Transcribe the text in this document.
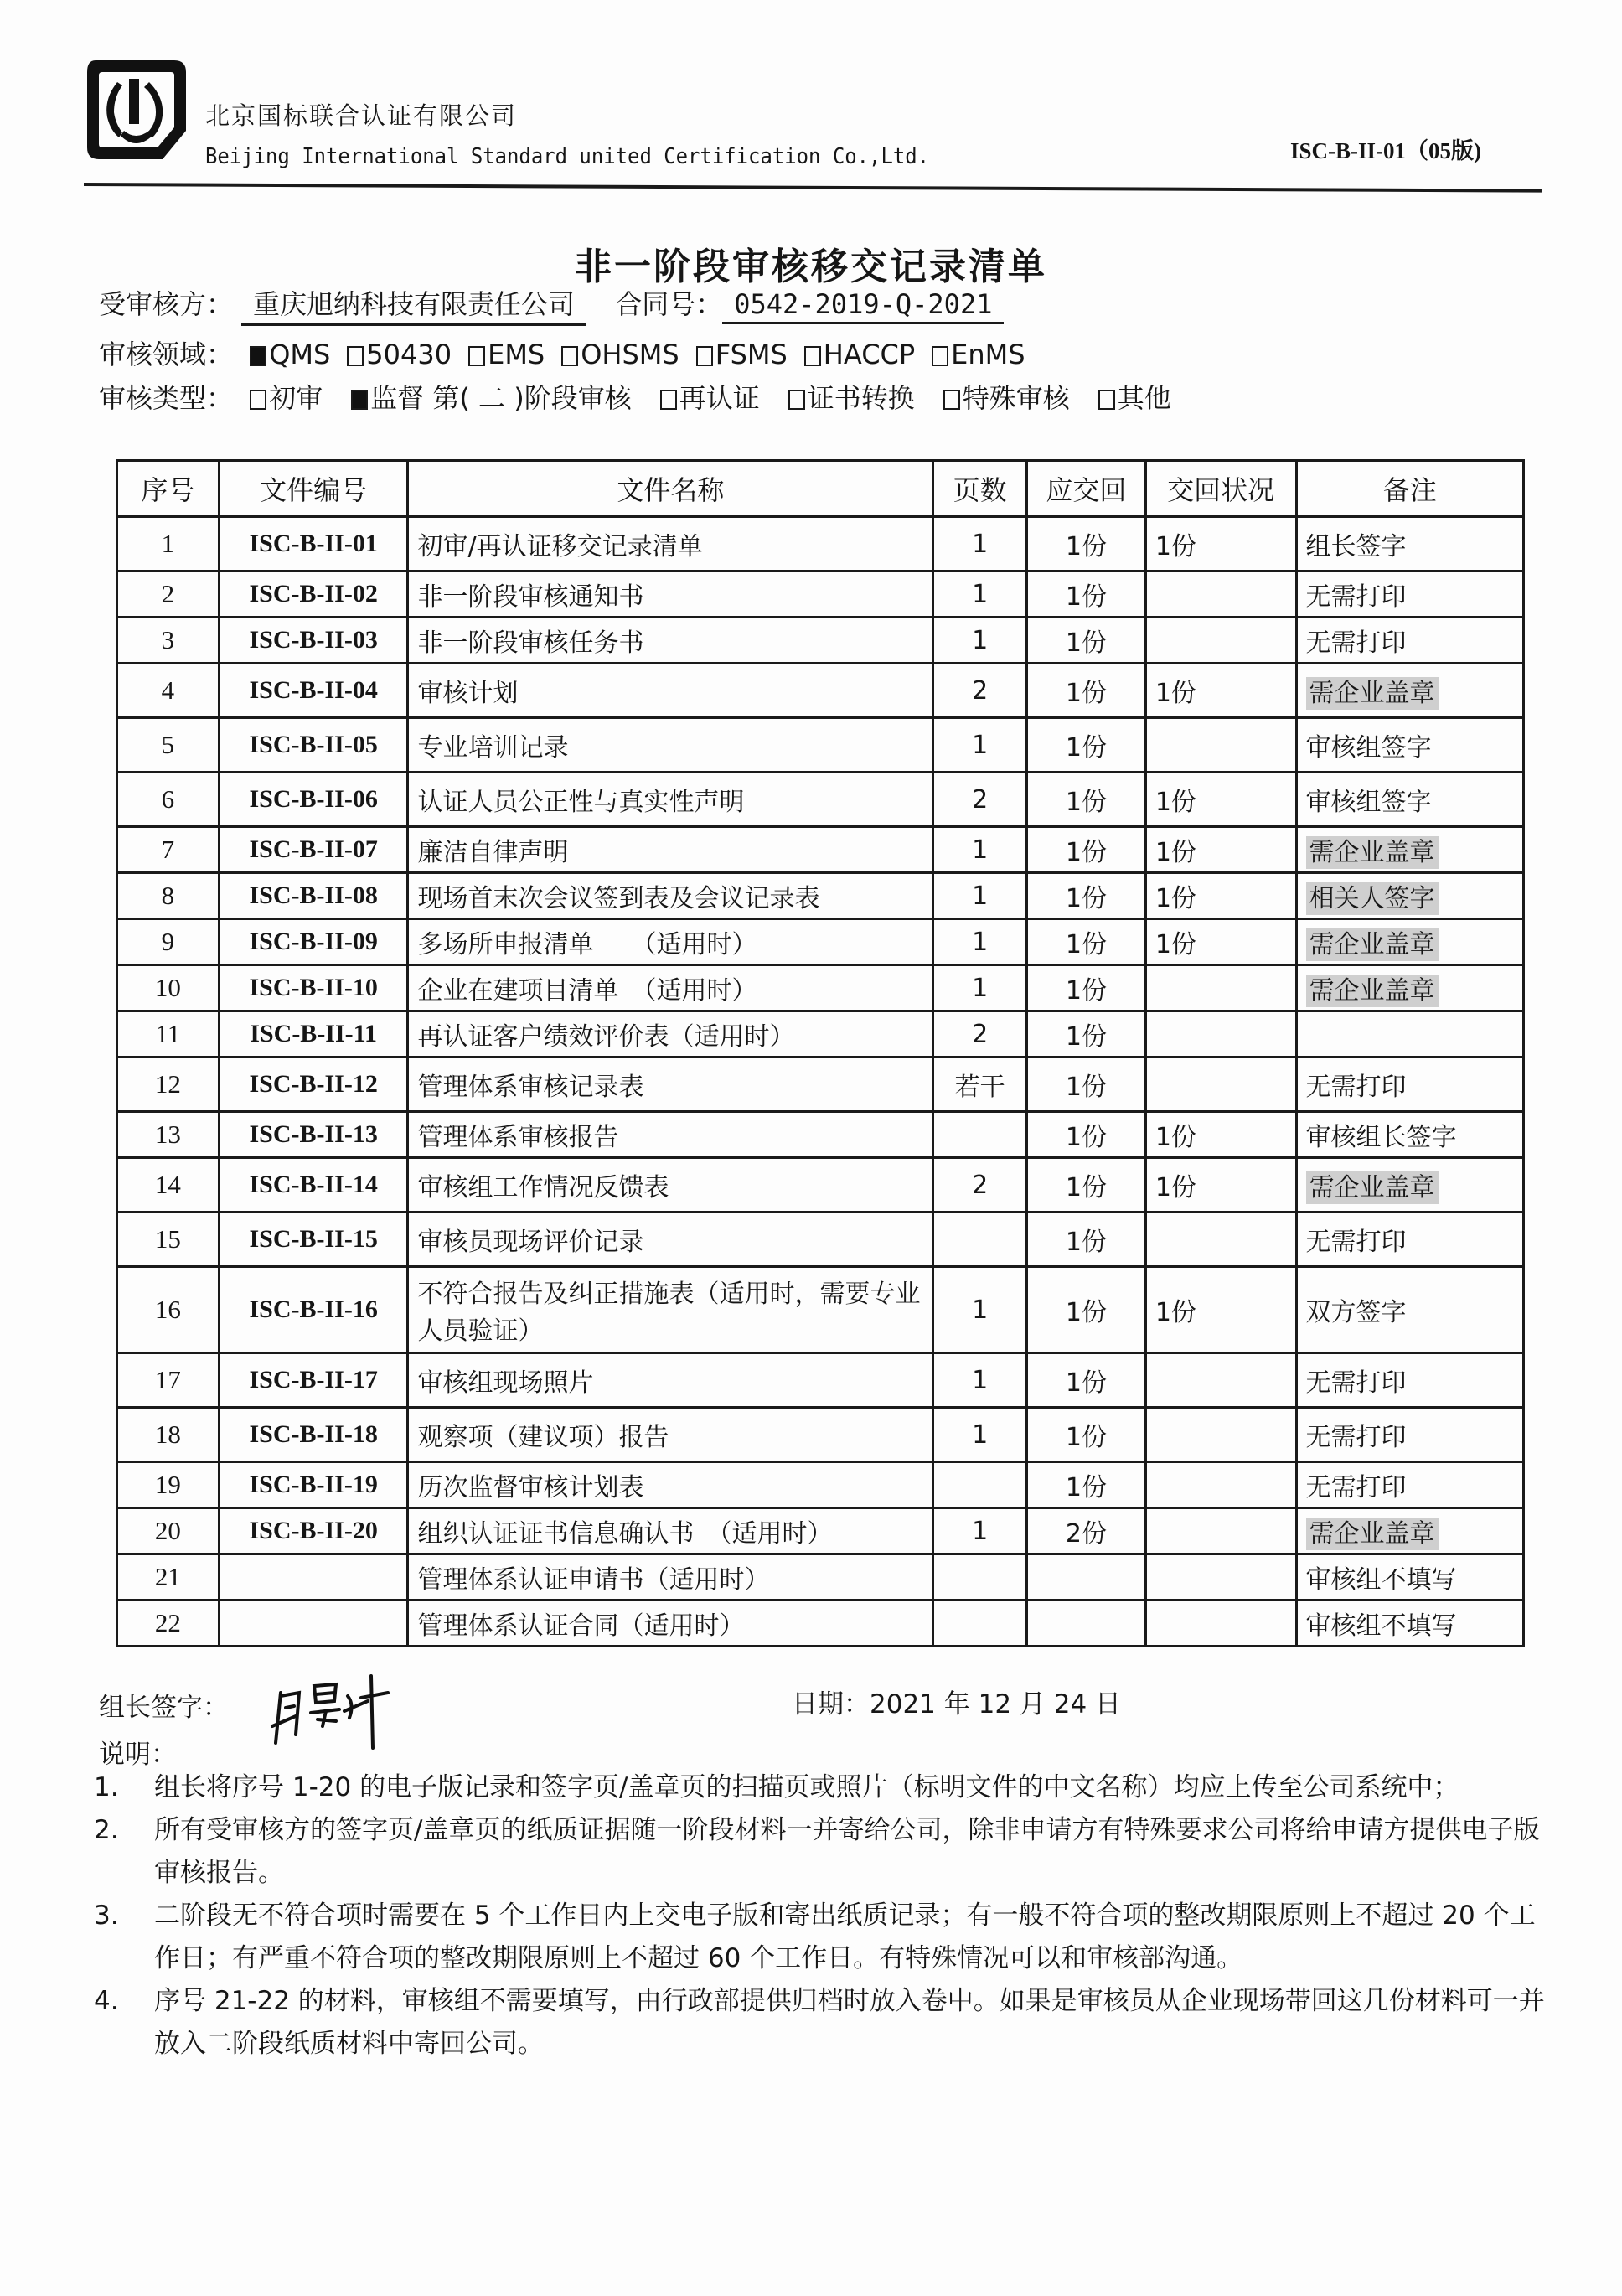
北京国标联合认证有限公司
Beijing International Standard united Certification Co.,Ltd.	ISC-B-II-01（05版)
非一阶段审核移交记录清单
受审核方： 重庆旭纳科技有限责任公司 合同号： 0542-2019-Q-2021
审核领域： QMS 50430 EMS OHSMS FSMS HACCP EnMS
审核类型： 初审 监督 第( 二 )阶段审核 再认证 证书转换 特殊审核 其他
序号	文件编号	文件名称	页数	应交回	交回状况	备注
1	ISC-B-II-01	初审/再认证移交记录清单	1	1份	1份	组长签字
2	ISC-B-II-02	非一阶段审核通知书	1	1份		无需打印
3	ISC-B-II-03	非一阶段审核任务书	1	1份		无需打印
4	ISC-B-II-04	审核计划	2	1份	1份	需企业盖章
5	ISC-B-II-05	专业培训记录	1	1份		审核组签字
6	ISC-B-II-06	认证人员公正性与真实性声明	2	1份	1份	审核组签字
7	ISC-B-II-07	廉洁自律声明	1	1份	1份	需企业盖章
8	ISC-B-II-08	现场首末次会议签到表及会议记录表	1	1份	1份	相关人签字
9	ISC-B-II-09	多场所申报清单　　（适用时）	1	1份	1份	需企业盖章
10	ISC-B-II-10	企业在建项目清单　（适用时）	1	1份		需企业盖章
11	ISC-B-II-11	再认证客户绩效评价表（适用时）	2	1份		
12	ISC-B-II-12	管理体系审核记录表	若干	1份		无需打印
13	ISC-B-II-13	管理体系审核报告		1份	1份	审核组长签字
14	ISC-B-II-14	审核组工作情况反馈表	2	1份	1份	需企业盖章
15	ISC-B-II-15	审核员现场评价记录		1份		无需打印
16	ISC-B-II-16	不符合报告及纠正措施表（适用时，需要专业人员验证）	1	1份	1份	双方签字
17	ISC-B-II-17	审核组现场照片	1	1份		无需打印
18	ISC-B-II-18	观察项（建议项）报告	1	1份		无需打印
19	ISC-B-II-19	历次监督审核计划表		1份		无需打印
20	ISC-B-II-20	组织认证证书信息确认书　（适用时）	1	2份		需企业盖章
21		管理体系认证申请书（适用时）				审核组不填写
22		管理体系认证合同（适用时）				审核组不填写
组长签字：	日期：2021 年 12 月 24 日
说明：
1.	组长将序号 1-20 的电子版记录和签字页/盖章页的扫描页或照片（标明文件的中文名称）均应上传至公司系统中；
2.	所有受审核方的签字页/盖章页的纸质证据随一阶段材料一并寄给公司，除非申请方有特殊要求公司将给申请方提供电子版审核报告。
3.	二阶段无不符合项时需要在 5 个工作日内上交电子版和寄出纸质记录；有一般不符合项的整改期限原则上不超过 20 个工作日；有严重不符合项的整改期限原则上不超过 60 个工作日。有特殊情况可以和审核部沟通。
4.	序号 21-22 的材料，审核组不需要填写，由行政部提供归档时放入卷中。如果是审核员从企业现场带回这几份材料可一并放入二阶段纸质材料中寄回公司。
